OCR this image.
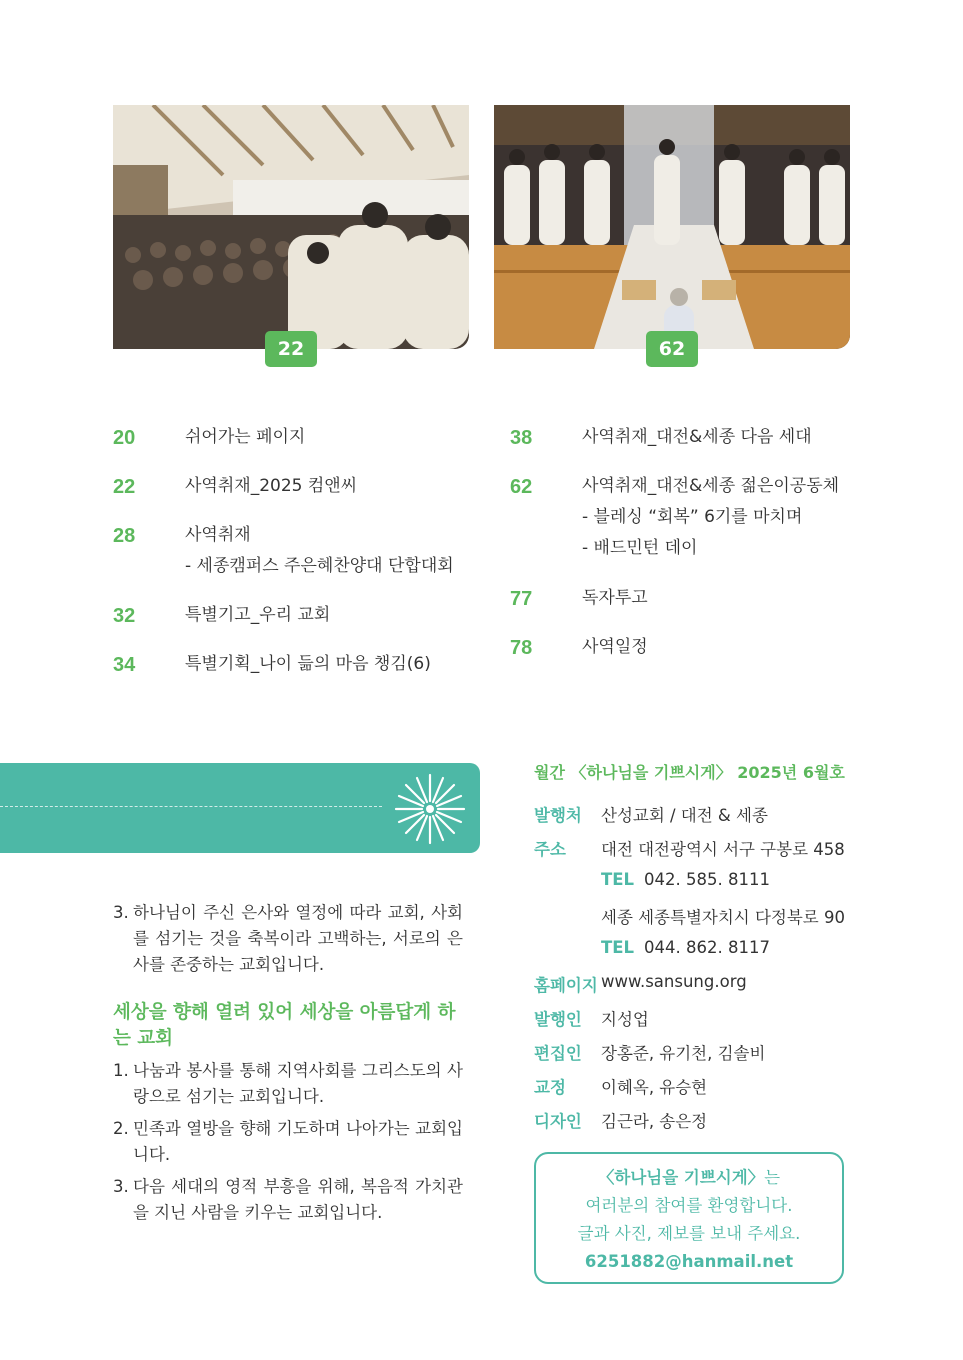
22	62
20	쉬어가는 페이지
22	사역취재_2025 컴앤씨
28	사역취재
- 세종캠퍼스 주은혜찬양대 단합대회
32	특별기고_우리 교회
34	특별기획_나이 듦의 마음 챙김(6)
38	사역취재_대전&세종 다음 세대
62	사역취재_대전&세종 젊은이공동체
- 블레싱 “회복” 6기를 마치며
- 배드민턴 데이
77	독자투고
78	사역일정
3. 하나님이 주신 은사와 열정에 따라 교회, 사회를 섬기는 것을 축복이라 고백하는, 서로의 은사를 존중하는 교회입니다.
세상을 향해 열려 있어 세상을 아름답게 하는 교회
1. 나눔과 봉사를 통해 지역사회를 그리스도의 사랑으로 섬기는 교회입니다.
2. 민족과 열방을 향해 기도하며 나아가는 교회입니다.
3. 다음 세대의 영적 부흥을 위해, 복음적 가치관을 지닌 사람을 키우는 교회입니다.
월간 〈하나님을 기쁘시게〉 2025년 6월호
발행처	산성교회 / 대전 & 세종
주소	대전 대전광역시 서구 구봉로 458
TEL 042. 585. 8111
세종 세종특별자치시 다정북로 90
TEL 044. 862. 8117
홈페이지 www.sansung.org
발행인	지성업
편집인	장홍준, 유기천, 김솔비
교정	이혜옥, 유승현
디자인	김근라, 송은정
〈하나님을 기쁘시게〉는
여러분의 참여를 환영합니다.
글과 사진, 제보를 보내 주세요.
6251882@hanmail.net
